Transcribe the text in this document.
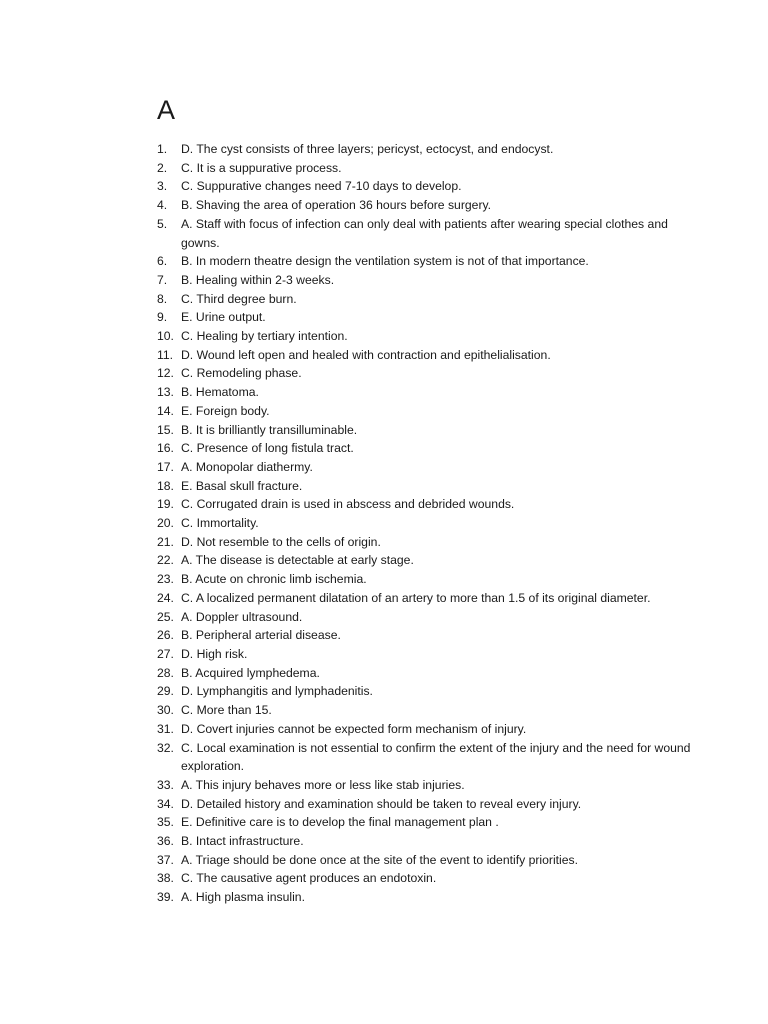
A
1.	D. The cyst consists of three layers; pericyst, ectocyst, and endocyst.
2.	C. It is a suppurative process.
3.	C. Suppurative changes need 7-10 days to develop.
4.	B. Shaving the area of operation 36 hours before surgery.
5.	A. Staff with focus of infection can only deal with patients after wearing special clothes and gowns.
6.	B. In modern theatre design the ventilation system is not of that importance.
7.	B. Healing within 2-3 weeks.
8.	C. Third degree burn.
9.	E. Urine output.
10. C. Healing by tertiary intention.
11. D. Wound left open and healed with contraction and epithelialisation.
12. C. Remodeling phase.
13. B. Hematoma.
14. E. Foreign body.
15. B. It is brilliantly transilluminable.
16. C. Presence of long fistula tract.
17. A. Monopolar diathermy.
18. E. Basal skull fracture.
19. C. Corrugated drain is used in abscess and debrided wounds.
20. C. Immortality.
21. D. Not resemble to the cells of origin.
22. A. The disease is detectable at early stage.
23. B. Acute on chronic limb ischemia.
24. C. A localized permanent dilatation of an artery to more than 1.5 of its original diameter.
25. A. Doppler ultrasound.
26. B. Peripheral arterial disease.
27. D. High risk.
28. B. Acquired lymphedema.
29. D. Lymphangitis and lymphadenitis.
30. C. More than 15.
31. D. Covert injuries cannot be expected form mechanism of injury.
32. C. Local examination is not essential to confirm the extent of the injury and the need for wound exploration.
33. A. This injury behaves more or less like stab injuries.
34. D. Detailed history and examination should be taken to reveal every injury.
35. E. Definitive care is to develop the final management plan .
36. B. Intact infrastructure.
37. A. Triage should be done once at the site of the event to identify priorities.
38. C. The causative agent produces an endotoxin.
39. A. High plasma insulin.
